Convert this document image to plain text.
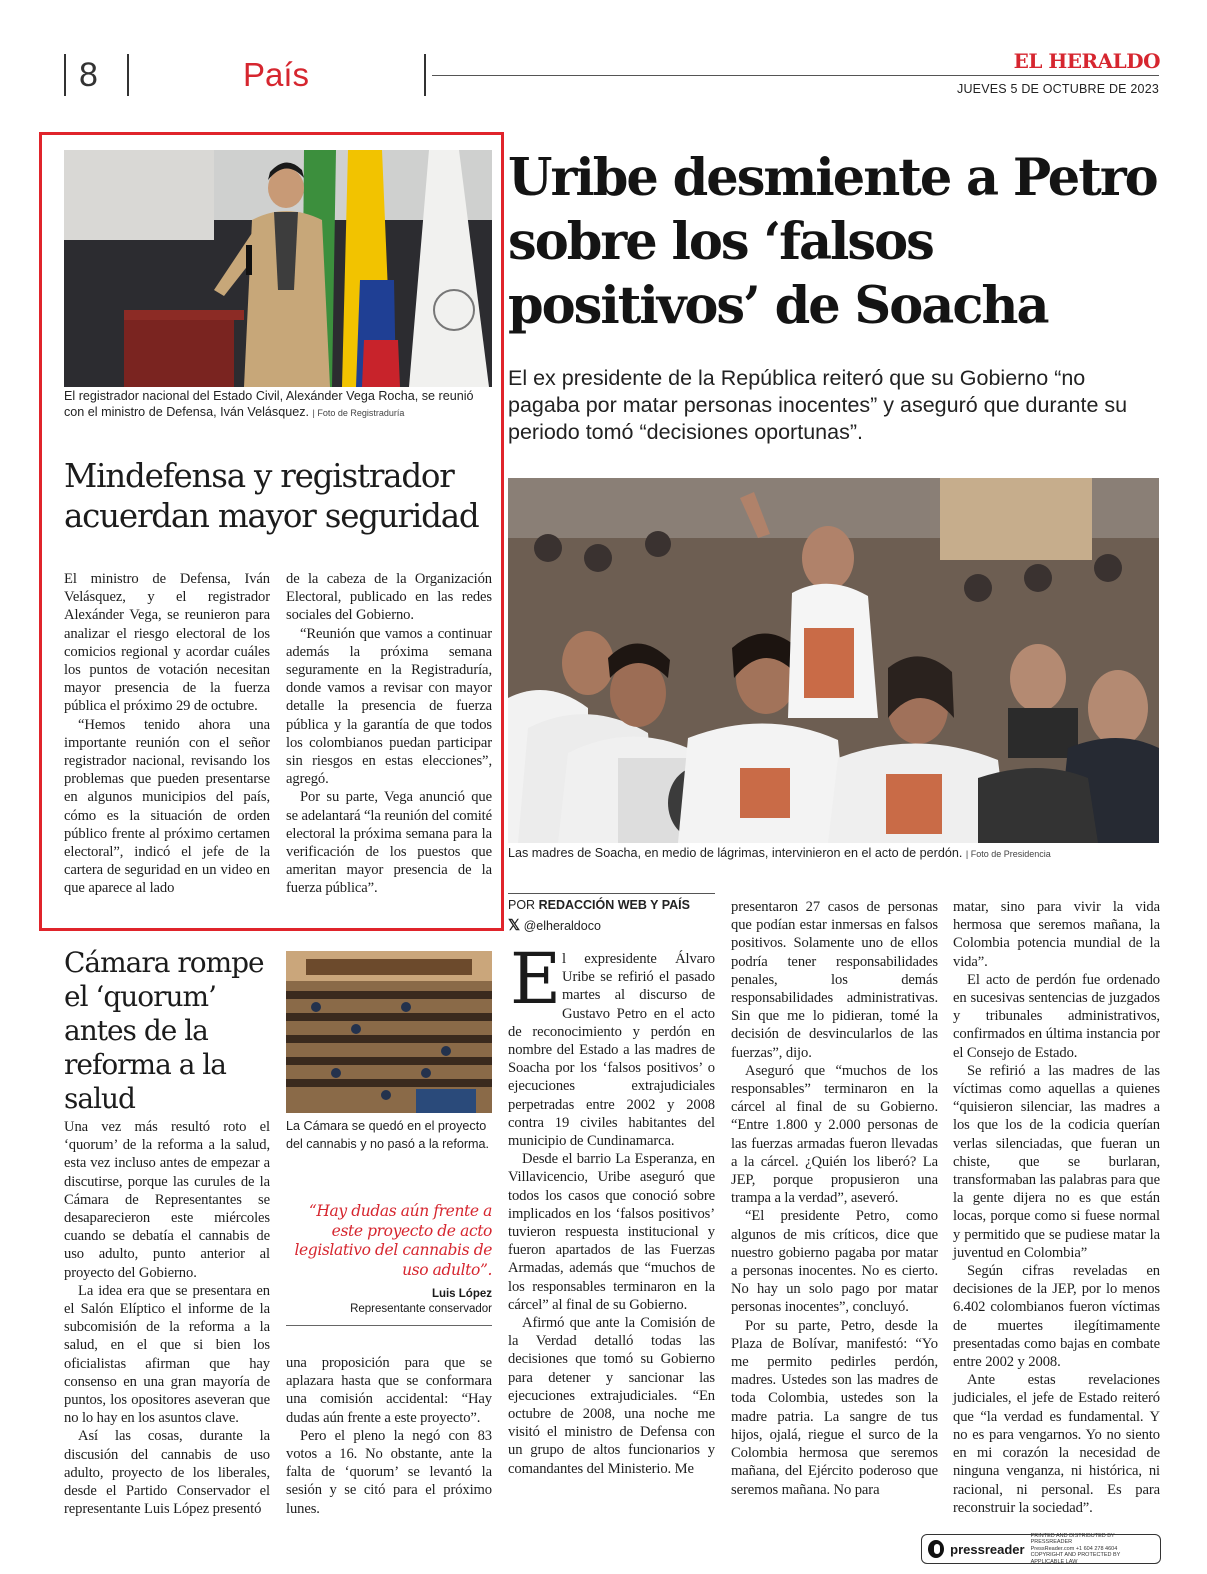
8	País	EL HERALDO
JUEVES 5 DE OCTUBRE DE 2023
El registrador nacional del Estado Civil, Alexánder Vega Rocha, se reunió con el ministro de Defensa, Iván Velásquez. | Foto de Registraduría
Mindefensa y registrador acuerdan mayor seguridad

El ministro de Defensa, Iván Velásquez, y el registrador Alexánder Vega, se reunieron para analizar el riesgo electoral de los comicios regional y acordar cuáles los puntos de votación necesitan mayor presencia de la fuerza pública el próximo 29 de octubre.

“Hemos tenido ahora una importante reunión con el señor registrador nacional, revisando los problemas que pueden presentarse en algunos municipios del país, cómo es la situación de orden público frente al próximo certamen electoral”, indicó el jefe de la cartera de seguridad en un video en que aparece al lado

de la cabeza de la Organización Electoral, publicado en las redes sociales del Gobierno.

“Reunión que vamos a continuar además la próxima semana seguramente en la Registraduría, donde vamos a revisar con mayor detalle la presencia de fuerza pública y la garantía de que todos los colombianos puedan participar sin riesgos en estas elecciones”, agregó.

Por su parte, Vega anunció que se adelantará “la reunión del comité electoral la próxima semana para la verificación de los puestos que ameritan mayor presencia de la fuerza pública”.

Uribe desmiente a Petro sobre los ‘falsos positivos’ de Soacha
El ex presidente de la República reiteró que su Gobierno “no pagaba por matar personas inocentes” y aseguró que durante su periodo tomó “decisiones oportunas”.
Las madres de Soacha, en medio de lágrimas, intervinieron en el acto de perdón. | Foto de Presidencia
POR REDACCIÓN WEB Y PAÍS
𝕏 @elheraldoco
E l expresidente Álvaro Uribe se refirió el pasado martes al discurso de Gustavo Petro en el acto de reconocimiento y perdón en nombre del Estado a las madres de Soacha por los ‘falsos positivos’ o ejecuciones extrajudiciales perpetradas entre 2002 y 2008 contra 19 civiles habitantes del municipio de Cundinamarca.

Desde el barrio La Esperanza, en Villavicencio, Uribe aseguró que todos los casos que conoció sobre implicados en los ‘falsos positivos’ tuvieron respuesta institucional y fueron apartados de las Fuerzas Armadas, además que “muchos de los responsables terminaron en la cárcel” al final de su Gobierno.

Afirmó que ante la Comisión de la Verdad detalló todas las decisiones que tomó su Gobierno para detener y sancionar las ejecuciones extrajudiciales. “En octubre de 2008, una noche me visitó el ministro de Defensa con un grupo de altos funcionarios y comandantes del Ministerio. Me

presentaron 27 casos de personas que podían estar inmersas en falsos positivos. Solamente uno de ellos podría tener responsabilidades penales, los demás responsabilidades administrativas. Sin que me lo pidieran, tomé la decisión de desvincularlos de las fuerzas”, dijo.

Aseguró que “muchos de los responsables” terminaron en la cárcel al final de su Gobierno. “Entre 1.800 y 2.000 personas de las fuerzas armadas fueron llevadas a la cárcel. ¿Quién los liberó? La JEP, porque propusieron una trampa a la verdad”, aseveró.

“El presidente Petro, como algunos de mis críticos, dice que nuestro gobierno pagaba por matar a personas inocentes. No es cierto. No hay un solo pago por matar personas inocentes”, concluyó.

Por su parte, Petro, desde la Plaza de Bolívar, manifestó: “Yo me permito pedirles perdón, madres. Ustedes son las madres de toda Colombia, ustedes son la madre patria. La sangre de tus hijos, ojalá, riegue el surco de la Colombia hermosa que seremos mañana, del Ejército poderoso que seremos mañana. No para

matar, sino para vivir la vida hermosa que seremos mañana, la Colombia potencia mundial de la vida”.

El acto de perdón fue ordenado en sucesivas sentencias de juzgados y tribunales administrativos, confirmados en última instancia por el Consejo de Estado.

Se refirió a las madres de las víctimas como aquellas a quienes “quisieron silenciar, las madres a los que los de la codicia querían verlas silenciadas, que fueran un chiste, que se burlaran, transformaban las palabras para que la gente dijera no es que están locas, porque como si fuese normal y permitido que se pudiese matar la juventud en Colombia”

Según cifras reveladas en decisiones de la JEP, por lo menos 6.402 colombianos fueron víctimas de muertes ilegítimamente presentadas como bajas en combate entre 2002 y 2008.

Ante estas revelaciones judiciales, el jefe de Estado reiteró que “la verdad es fundamental. Y no es para vengarnos. Yo no siento en mi corazón la necesidad de ninguna venganza, ni histórica, ni racional, ni personal. Es para reconstruir la sociedad”.

Cámara rompe el ‘quorum’ antes de la reforma a la salud
La Cámara se quedó en el proyecto del cannabis y no pasó a la reforma.
“Hay dudas aún frente a este proyecto de acto legislativo del cannabis de uso adulto”.
Luis López
Representante conservador

Una vez más resultó roto el ‘quorum’ de la reforma a la salud, esta vez incluso antes de empezar a discutirse, porque las curules de la Cámara de Representantes se desaparecieron este miércoles cuando se debatía el cannabis de uso adulto, punto anterior al proyecto del Gobierno.

La idea era que se presentara en el Salón Elíptico el informe de la subcomisión de la reforma a la salud, en el que si bien los oficialistas afirman que hay consenso en una gran mayoría de puntos, los opositores aseveran que no lo hay en los asuntos clave.

Así las cosas, durante la discusión del cannabis de uso adulto, proyecto de los liberales, desde el Partido Conservador el representante Luis López presentó

una proposición para que se aplazara hasta que se conformara una comisión accidental: “Hay dudas aún frente a este proyecto”.

Pero el pleno la negó con 83 votos a 16. No obstante, ante la falta de ‘quorum’ se levantó la sesión y se citó para el próximo lunes.

pressreader
PRINTED AND DISTRIBUTED BY PRESSREADER
PressReader.com +1 604 278 4604
COPYRIGHT AND PROTECTED BY APPLICABLE LAW
